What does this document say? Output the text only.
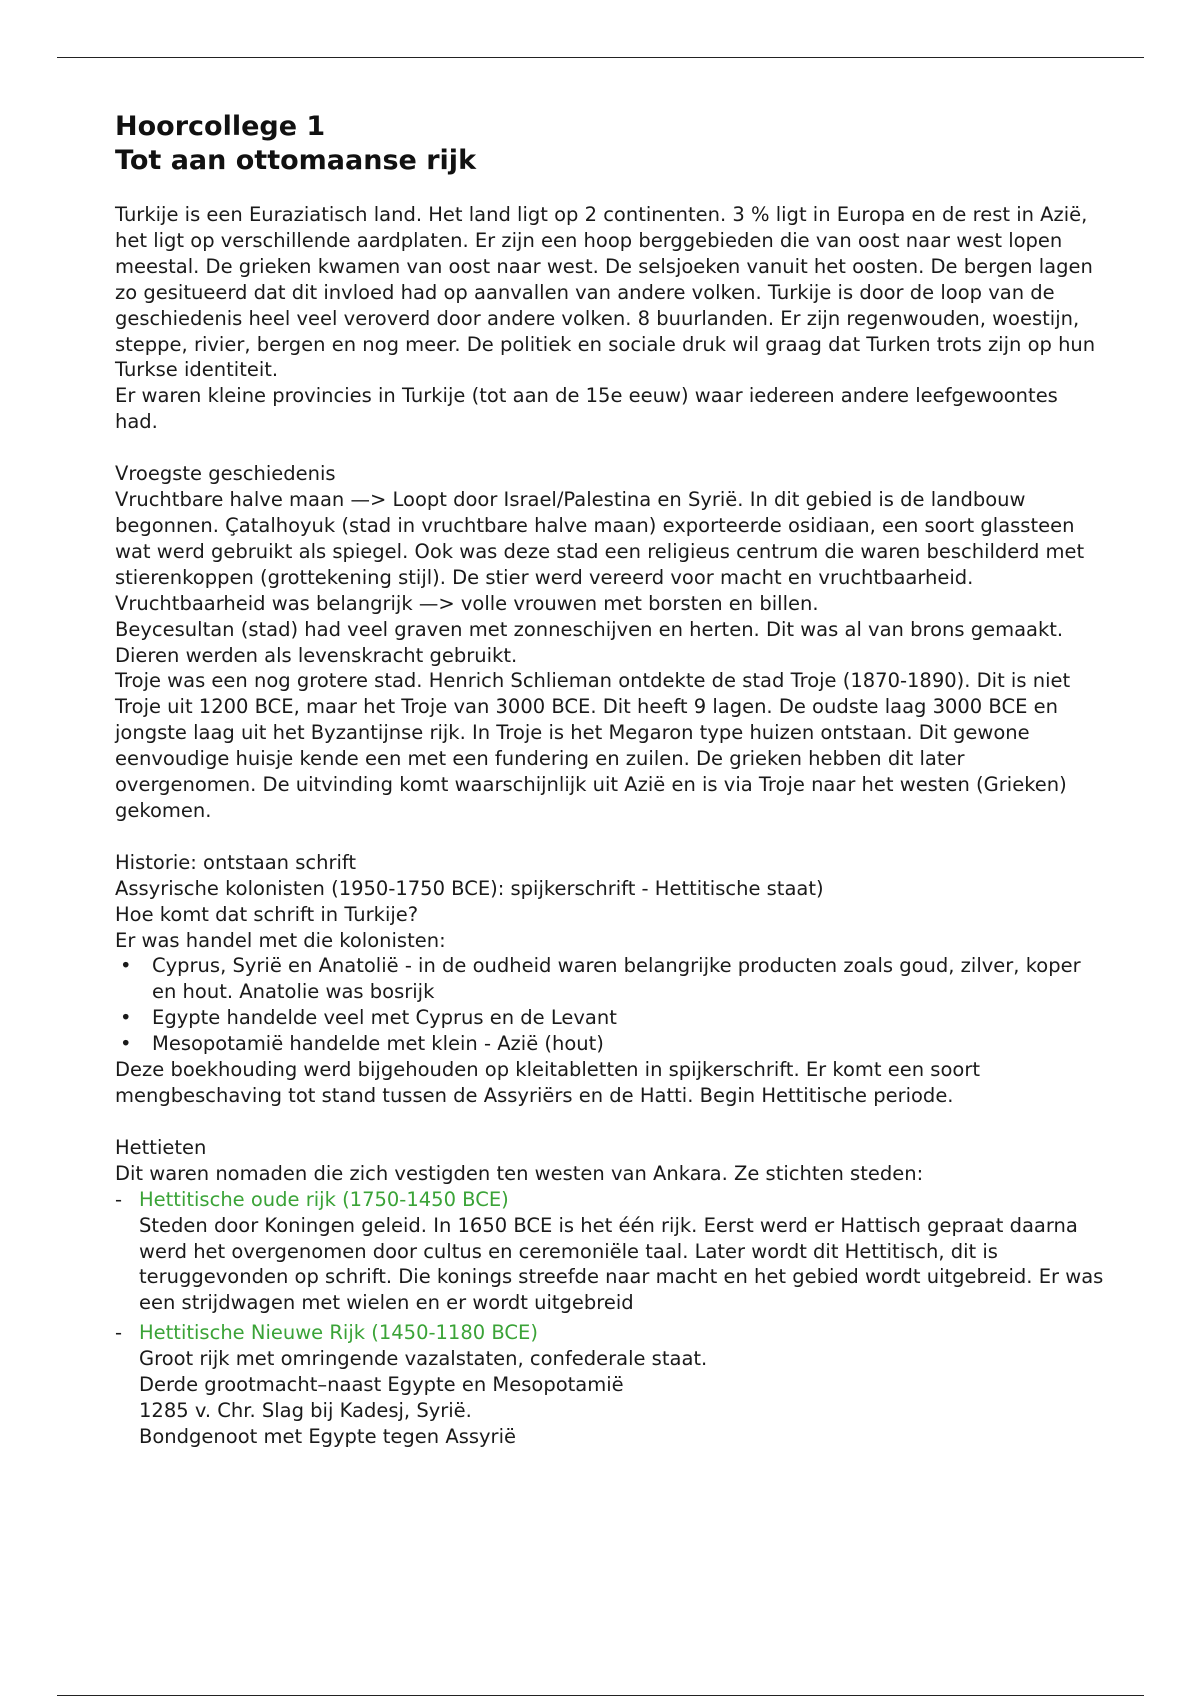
Hoorcollege 1
Tot aan ottomaanse rijk

Turkije is een Euraziatisch land. Het land ligt op 2 continenten. 3 % ligt in Europa en de rest in Azië, het ligt op verschillende aardplaten. Er zijn een hoop berggebieden die van oost naar west lopen meestal. De grieken kwamen van oost naar west. De selsjoeken vanuit het oosten. De bergen lagen zo gesitueerd dat dit invloed had op aanvallen van andere volken. Turkije is door de loop van de geschiedenis heel veel veroverd door andere volken. 8 buurlanden. Er zijn regenwouden, woestijn, steppe, rivier, bergen en nog meer. De politiek en sociale druk wil graag dat Turken trots zijn op hun Turkse identiteit.

Er waren kleine provincies in Turkije (tot aan de 15e eeuw) waar iedereen andere leefgewoontes had.

Vroegste geschiedenis

Vruchtbare halve maan —> Loopt door Israel/Palestina en Syrië. In dit gebied is de landbouw begonnen. Çatalhoyuk (stad in vruchtbare halve maan) exporteerde osidiaan, een soort glassteen wat werd gebruikt als spiegel. Ook was deze stad een religieus centrum die waren beschilderd met stierenkoppen (grottekening stijl). De stier werd vereerd voor macht en vruchtbaarheid. Vruchtbaarheid was belangrijk —> volle vrouwen met borsten en billen.

Beycesultan (stad) had veel graven met zonneschijven en herten. Dit was al van brons gemaakt. Dieren werden als levenskracht gebruikt.

Troje was een nog grotere stad. Henrich Schlieman ontdekte de stad Troje (1870-1890). Dit is niet Troje uit 1200 BCE, maar het Troje van 3000 BCE. Dit heeft 9 lagen. De oudste laag 3000 BCE en jongste laag uit het Byzantijnse rijk. In Troje is het Megaron type huizen ontstaan. Dit gewone eenvoudige huisje kende een met een fundering en zuilen. De grieken hebben dit later overgenomen. De uitvinding komt waarschijnlijk uit Azië en is via Troje naar het westen (Grieken) gekomen.

Historie: ontstaan schrift

Assyrische kolonisten (1950-1750 BCE): spijkerschrift - Hettitische staat)

Hoe komt dat schrift in Turkije?

Er was handel met die kolonisten:

• Cyprus, Syrië en Anatolië - in de oudheid waren belangrijke producten zoals goud, zilver, koper en hout. Anatolie was bosrijk
• Egypte handelde veel met Cyprus en de Levant
• Mesopotamië handelde met klein - Azië (hout)

Deze boekhouding werd bijgehouden op kleitabletten in spijkerschrift. Er komt een soort mengbeschaving tot stand tussen de Assyriërs en de Hatti. Begin Hettitische periode.

Hettieten

Dit waren nomaden die zich vestigden ten westen van Ankara. Ze stichten steden:

- Hettitische oude rijk (1750-1450 BCE)
Steden door Koningen geleid. In 1650 BCE is het één rijk. Eerst werd er Hattisch gepraat daarna werd het overgenomen door cultus en ceremoniële taal. Later wordt dit Hettitisch, dit is teruggevonden op schrift. Die konings streefde naar macht en het gebied wordt uitgebreid. Er was een strijdwagen met wielen en er wordt uitgebreid
- Hettitische Nieuwe Rijk (1450-1180 BCE)
Groot rijk met omringende vazalstaten, confederale staat.
Derde grootmacht–naast Egypte en Mesopotamië
1285 v. Chr. Slag bij Kadesj, Syrië.
Bondgenoot met Egypte tegen Assyrië
